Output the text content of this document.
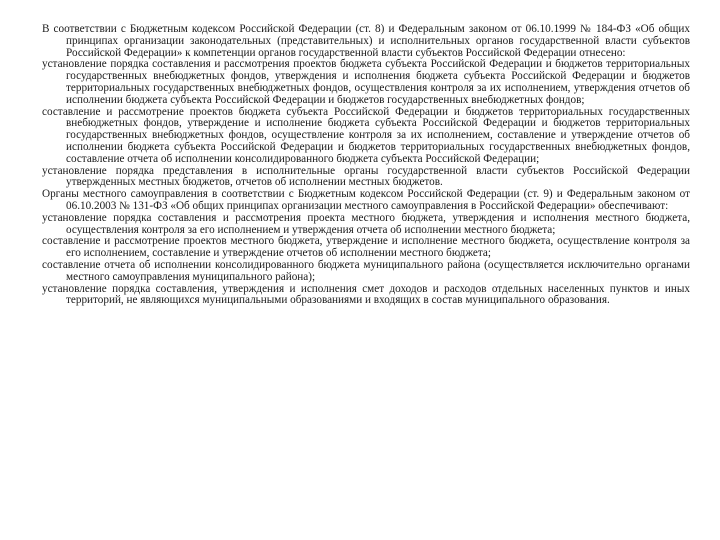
В соответствии с Бюджетным кодексом Российской Федерации (ст. 8) и Федеральным законом от 06.10.1999 № 184-ФЗ «Об общих принципах организации законодательных (представительных) и исполнительных органов государственной власти субъектов Российской Федерации» к компетенции органов государственной власти субъектов Российской Федерации отнесено:

установление порядка составления и рассмотрения проектов бюджета субъекта Российской Федерации и бюджетов территориальных государственных внебюджетных фондов, утверждения и исполнения бюджета субъекта Российской Федерации и бюджетов территориальных государственных внебюджетных фондов, осуществления контроля за их исполнением, утверждения отчетов об исполнении бюджета субъекта Российской Федерации и бюджетов государственных внебюджетных фондов;

составление и рассмотрение проектов бюджета субъекта Российской Федерации и бюджетов территориальных государственных внебюджетных фондов, утверждение и исполнение бюджета субъекта Российской Федерации и бюджетов территориальных государственных внебюджетных фондов, осуществление контроля за их исполнением, составление и утверждение отчетов об исполнении бюджета субъекта Российской Федерации и бюджетов территориальных государственных внебюджетных фондов, составление отчета об исполнении консолидированного бюджета субъекта Российской Федерации;

установление порядка представления в исполнительные органы государственной власти субъектов Российской Федерации утвержденных местных бюджетов, отчетов об исполнении местных бюджетов.

Органы местного самоуправления в соответствии с Бюджетным кодексом Российской Федерации (ст. 9) и Федеральным законом от 06.10.2003 № 131-ФЗ «Об общих принципах организации местного самоуправления в Российской Федерации» обеспечивают:

установление порядка составления и рассмотрения проекта местного бюджета, утверждения и исполнения местного бюджета, осуществления контроля за его исполнением и утверждения отчета об исполнении местного бюджета;

составление и рассмотрение проектов местного бюджета, утверждение и исполнение местного бюджета, осуществление контроля за его исполнением, составление и утверждение отчетов об исполнении местного бюджета;

составление отчета об исполнении консолидированного бюджета муниципального района (осуществляется исключительно органами местного самоуправления муниципального района);

установление порядка составления, утверждения и исполнения смет доходов и расходов отдельных населенных пунктов и иных территорий, не являющихся муниципальными образованиями и входящих в состав муниципального образования.
